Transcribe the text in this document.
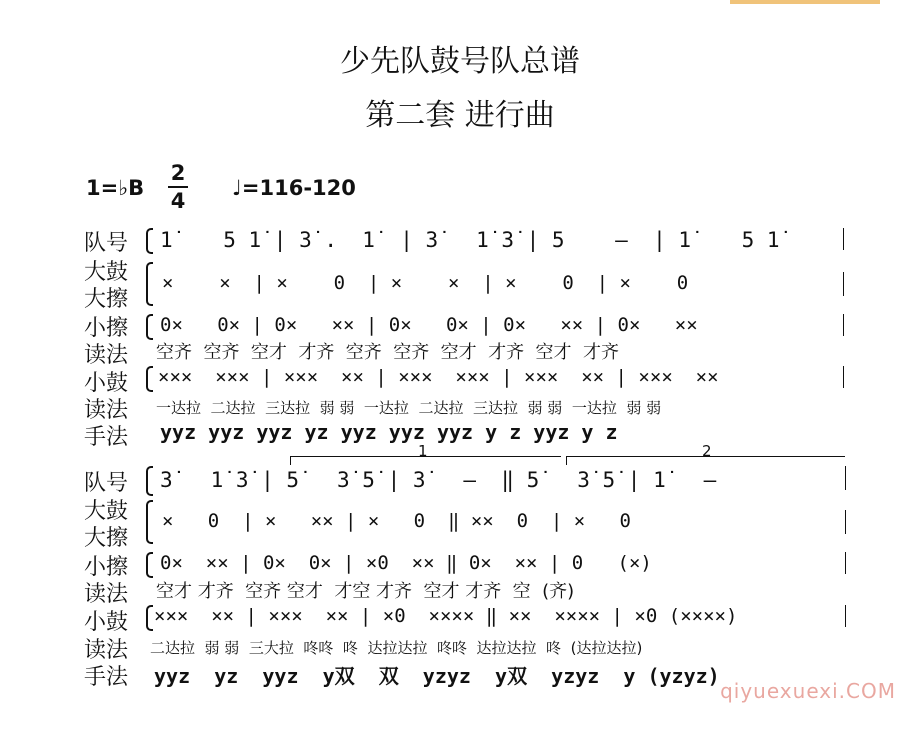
少先队鼓号队总谱
第二套 进行曲
1=♭B
2
4
♩=116-120
队号
大鼓
大擦
小擦
读法
小鼓
读法
手法
1̇    5 1̇ | 3̇ .  1̇  | 3̇   1̇ 3̇ | 5    –  | 1̇    5 1̇
×    ×  | ×    0  | ×    ×  | ×    0  | ×    0
0×   0× | 0×   ×× | 0×   0× | 0×   ×× | 0×   ××
空齐  空齐  空才  才齐  空齐  空齐  空才  才齐  空才  才齐
×××  ××× | ×××  ×× | ×××  ××× | ×××  ×× | ×××  ××
一达拉  二达拉  三达拉  弱 弱  一达拉  二达拉  三达拉  弱 弱  一达拉  弱 弱
yyz yyz yyz yz yyz yyz yyz y z yyz y z
队号
大鼓
大擦
小擦
读法
小鼓
读法
手法
1	2
3̇   1̇ 3̇ | 5̇   3̇ 5̇ | 3̇   –  ‖ 5̇   3̇ 5̇ | 1̇   –
×   0  | ×   ×× | ×   0  ‖ ××  0  | ×   0
0×  ×× | 0×  0× | ×0  ×× ‖ 0×  ×× | 0   (×)
空才 才齐  空齐 空才  才空 才齐  空才 才齐  空  (齐)
×××  ×× | ×××  ×× | ×0  ×××× ‖ ××  ×××× | ×0 (××××)
二达拉  弱 弱  三大拉  咚咚  咚  达拉达拉  咚咚  达拉达拉  咚  (达拉达拉)
yyz  yz  yyz  y双  双  yzyz  y双  yzyz  y (yzyz)
qiyuexuexi.COM
